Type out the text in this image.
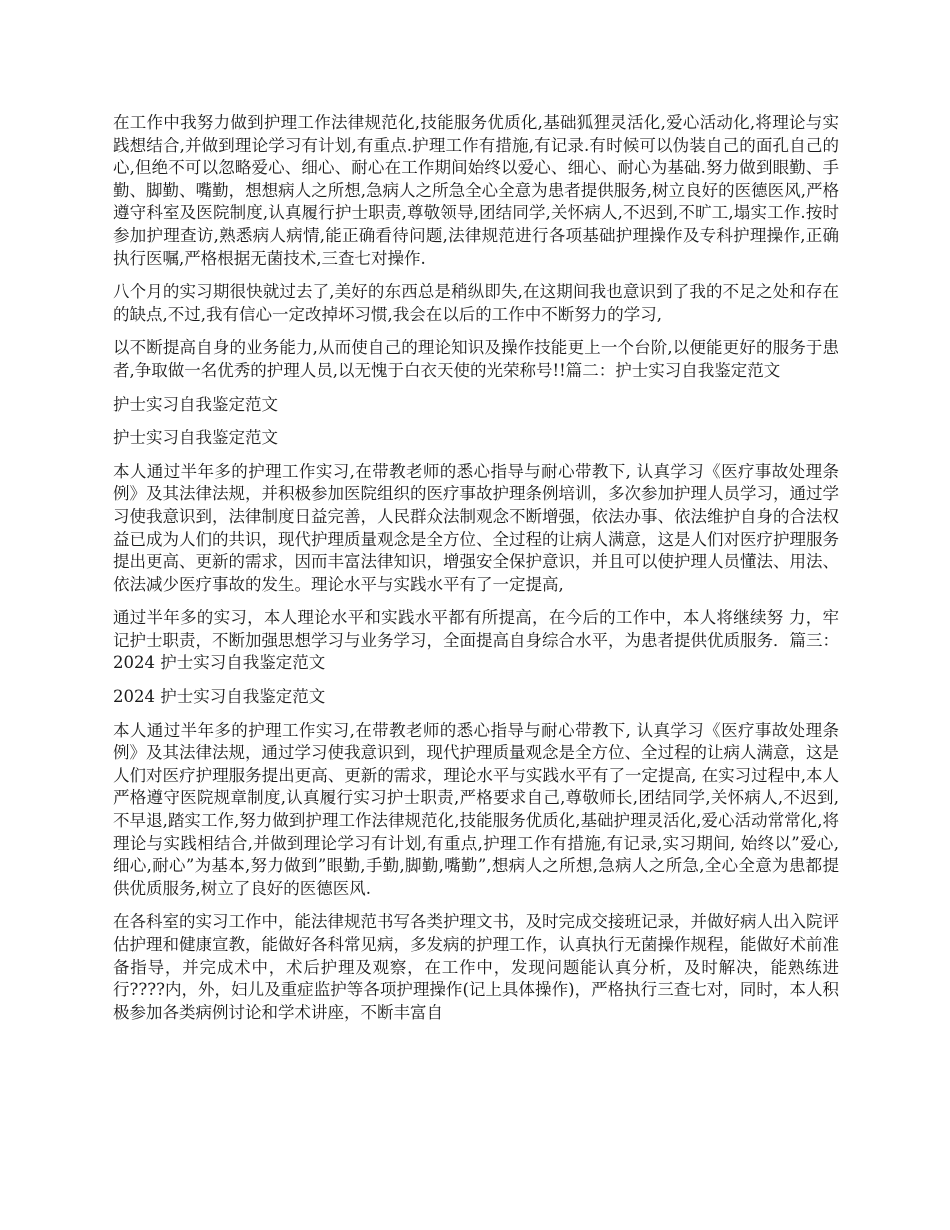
在工作中我努力做到护理工作法律规范化,技能服务优质化,基础狐狸灵活化,爱心活动化,将理论与实践想结合,并做到理论学习有计划,有重点.护理工作有措施,有记录.有时候可以伪装自己的面孔自己的心,但绝不可以忽略爱心、细心、耐心在工作期间始终以爱心、细心、耐心为基础.努力做到眼勤、手勤、脚勤、嘴勤，想想病人之所想,急病人之所急全心全意为患者提供服务,树立良好的医德医风,严格遵守科室及医院制度,认真履行护士职责,尊敬领导,团结同学,关怀病人,不迟到,不旷工,塌实工作.按时参加护理查访,熟悉病人病情,能正确看待问题,法律规范进行各项基础护理操作及专科护理操作,正确执行医嘱,严格根据无菌技术,三查七对操作.

八个月的实习期很快就过去了,美好的东西总是稍纵即失,在这期间我也意识到了我的不足之处和存在的缺点,不过,我有信心一定改掉坏习惯,我会在以后的工作中不断努力的学习,

以不断提高自身的业务能力,从而使自己的理论知识及操作技能更上一个台阶,以便能更好的服务于患者,争取做一名优秀的护理人员,以无愧于白衣天使的光荣称号!!篇二：护士实习自我鉴定范文

护士实习自我鉴定范文

护士实习自我鉴定范文

本人通过半年多的护理工作实习,在带教老师的悉心指导与耐心带教下, 认真学习《医疗事故处理条例》及其法律法规，并积极参加医院组织的医疗事故护理条例培训，多次参加护理人员学习，通过学习使我意识到，法律制度日益完善，人民群众法制观念不断增强，依法办事、依法维护自身的合法权益已成为人们的共识，现代护理质量观念是全方位、全过程的让病人满意，这是人们对医疗护理服务提出更高、更新的需求，因而丰富法律知识，增强安全保护意识，并且可以使护理人员懂法、用法、依法减少医疗事故的发生。理论水平与实践水平有了一定提高,

通过半年多的实习，本人理论水平和实践水平都有所提高，在今后的工作中，本人将继续努 力，牢记护士职责，不断加强思想学习与业务学习，全面提高自身综合水平，为患者提供优质服务．篇三：2024 护士实习自我鉴定范文

2024 护士实习自我鉴定范文

本人通过半年多的护理工作实习,在带教老师的悉心指导与耐心带教下, 认真学习《医疗事故处理条例》及其法律法规，通过学习使我意识到，现代护理质量观念是全方位、全过程的让病人满意，这是人们对医疗护理服务提出更高、更新的需求，理论水平与实践水平有了一定提高, 在实习过程中,本人严格遵守医院规章制度,认真履行实习护士职责,严格要求自己,尊敬师长,团结同学,关怀病人,不迟到,不早退,踏实工作,努力做到护理工作法律规范化,技能服务优质化,基础护理灵活化,爱心活动常常化,将理论与实践相结合,并做到理论学习有计划,有重点,护理工作有措施,有记录,实习期间, 始终以”爱心,细心,耐心”为基本,努力做到”眼勤,手勤,脚勤,嘴勤”,想病人之所想,急病人之所急,全心全意为患都提供优质服务,树立了良好的医德医风.

在各科室的实习工作中，能法律规范书写各类护理文书，及时完成交接班记录，并做好病人出入院评估护理和健康宣教，能做好各科常见病，多发病的护理工作，认真执行无菌操作规程，能做好术前准备指导，并完成术中，术后护理及观察，在工作中，发现问题能认真分析，及时解决，能熟练进行????内，外，妇儿及重症监护等各项护理操作(记上具体操作)，严格执行三查七对，同时，本人积极参加各类病例讨论和学术讲座，不断丰富自
